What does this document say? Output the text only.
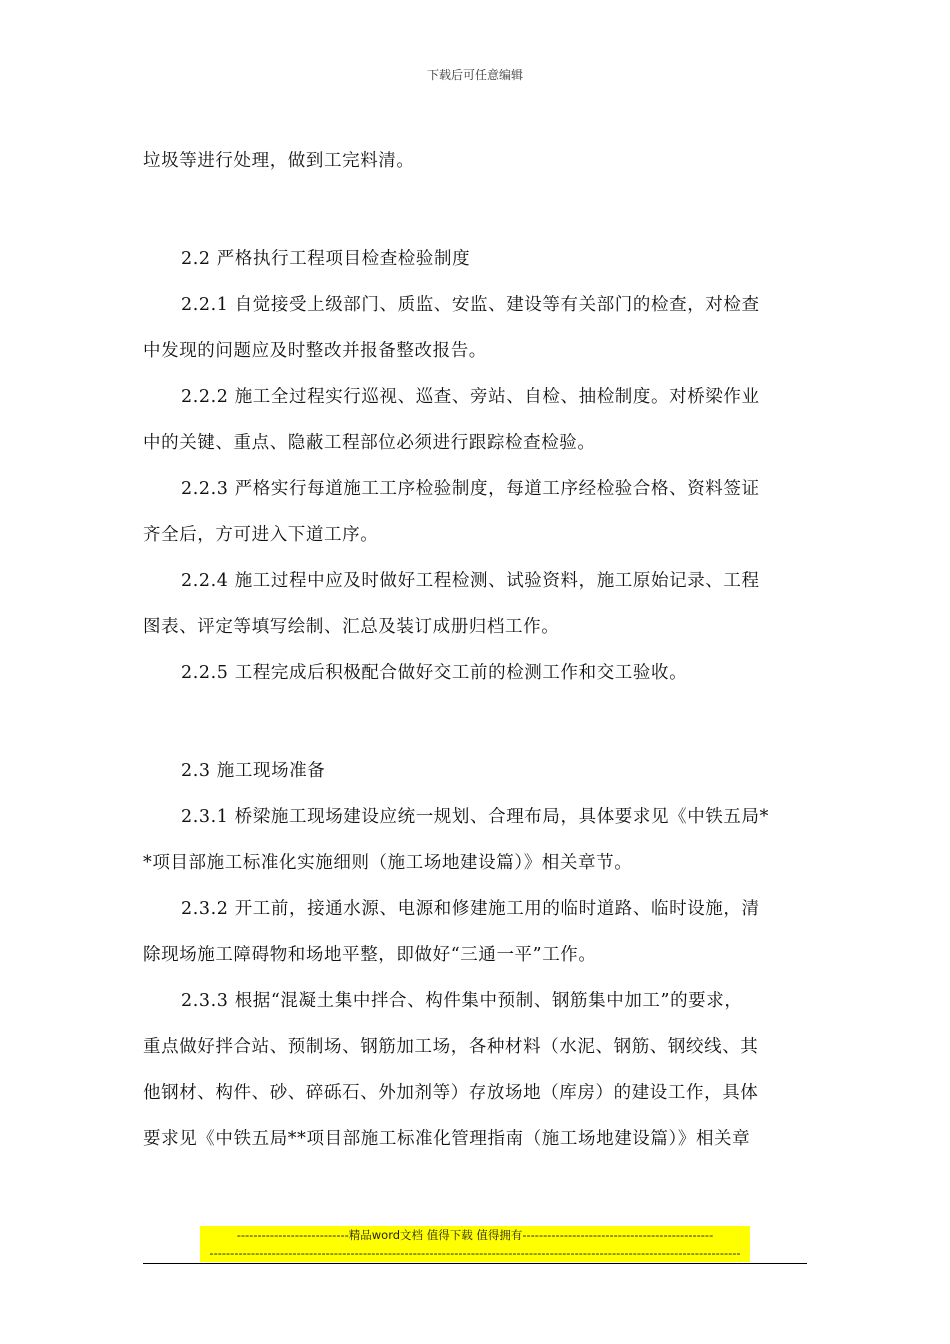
下载后可任意编辑
垃圾等进行处理，做到工完料清。
2.2 严格执行工程项目检查检验制度
2.2.1 自觉接受上级部门、质监、安监、建设等有关部门的检查，对检查
中发现的问题应及时整改并报备整改报告。
2.2.2 施工全过程实行巡视、巡查、旁站、自检、抽检制度。对桥梁作业
中的关键、重点、隐蔽工程部位必须进行跟踪检查检验。
2.2.3 严格实行每道施工工序检验制度，每道工序经检验合格、资料签证
齐全后，方可进入下道工序。
2.2.4 施工过程中应及时做好工程检测、试验资料，施工原始记录、工程
图表、评定等填写绘制、汇总及装订成册归档工作。
2.2.5 工程完成后积极配合做好交工前的检测工作和交工验收。
2.3 施工现场准备
2.3.1 桥梁施工现场建设应统一规划、合理布局，具体要求见《中铁五局*
*项目部施工标准化实施细则（施工场地建设篇）》相关章节。
2.3.2 开工前，接通水源、电源和修建施工用的临时道路、临时设施，清
除现场施工障碍物和场地平整，即做好“三通一平”工作。
2.3.3 根据“混凝土集中拌合、构件集中预制、钢筋集中加工”的要求，
重点做好拌合站、预制场、钢筋加工场，各种材料（水泥、钢筋、钢绞线、其
他钢材、构件、砂、碎砾石、外加剂等）存放场地（库房）的建设工作，具体
要求见《中铁五局**项目部施工标准化管理指南（施工场地建设篇）》相关章
---------------------------精品word文档 值得下载 值得拥有----------------------------------------------
--------------------------------------------------------------------------------------------------------------------------------
